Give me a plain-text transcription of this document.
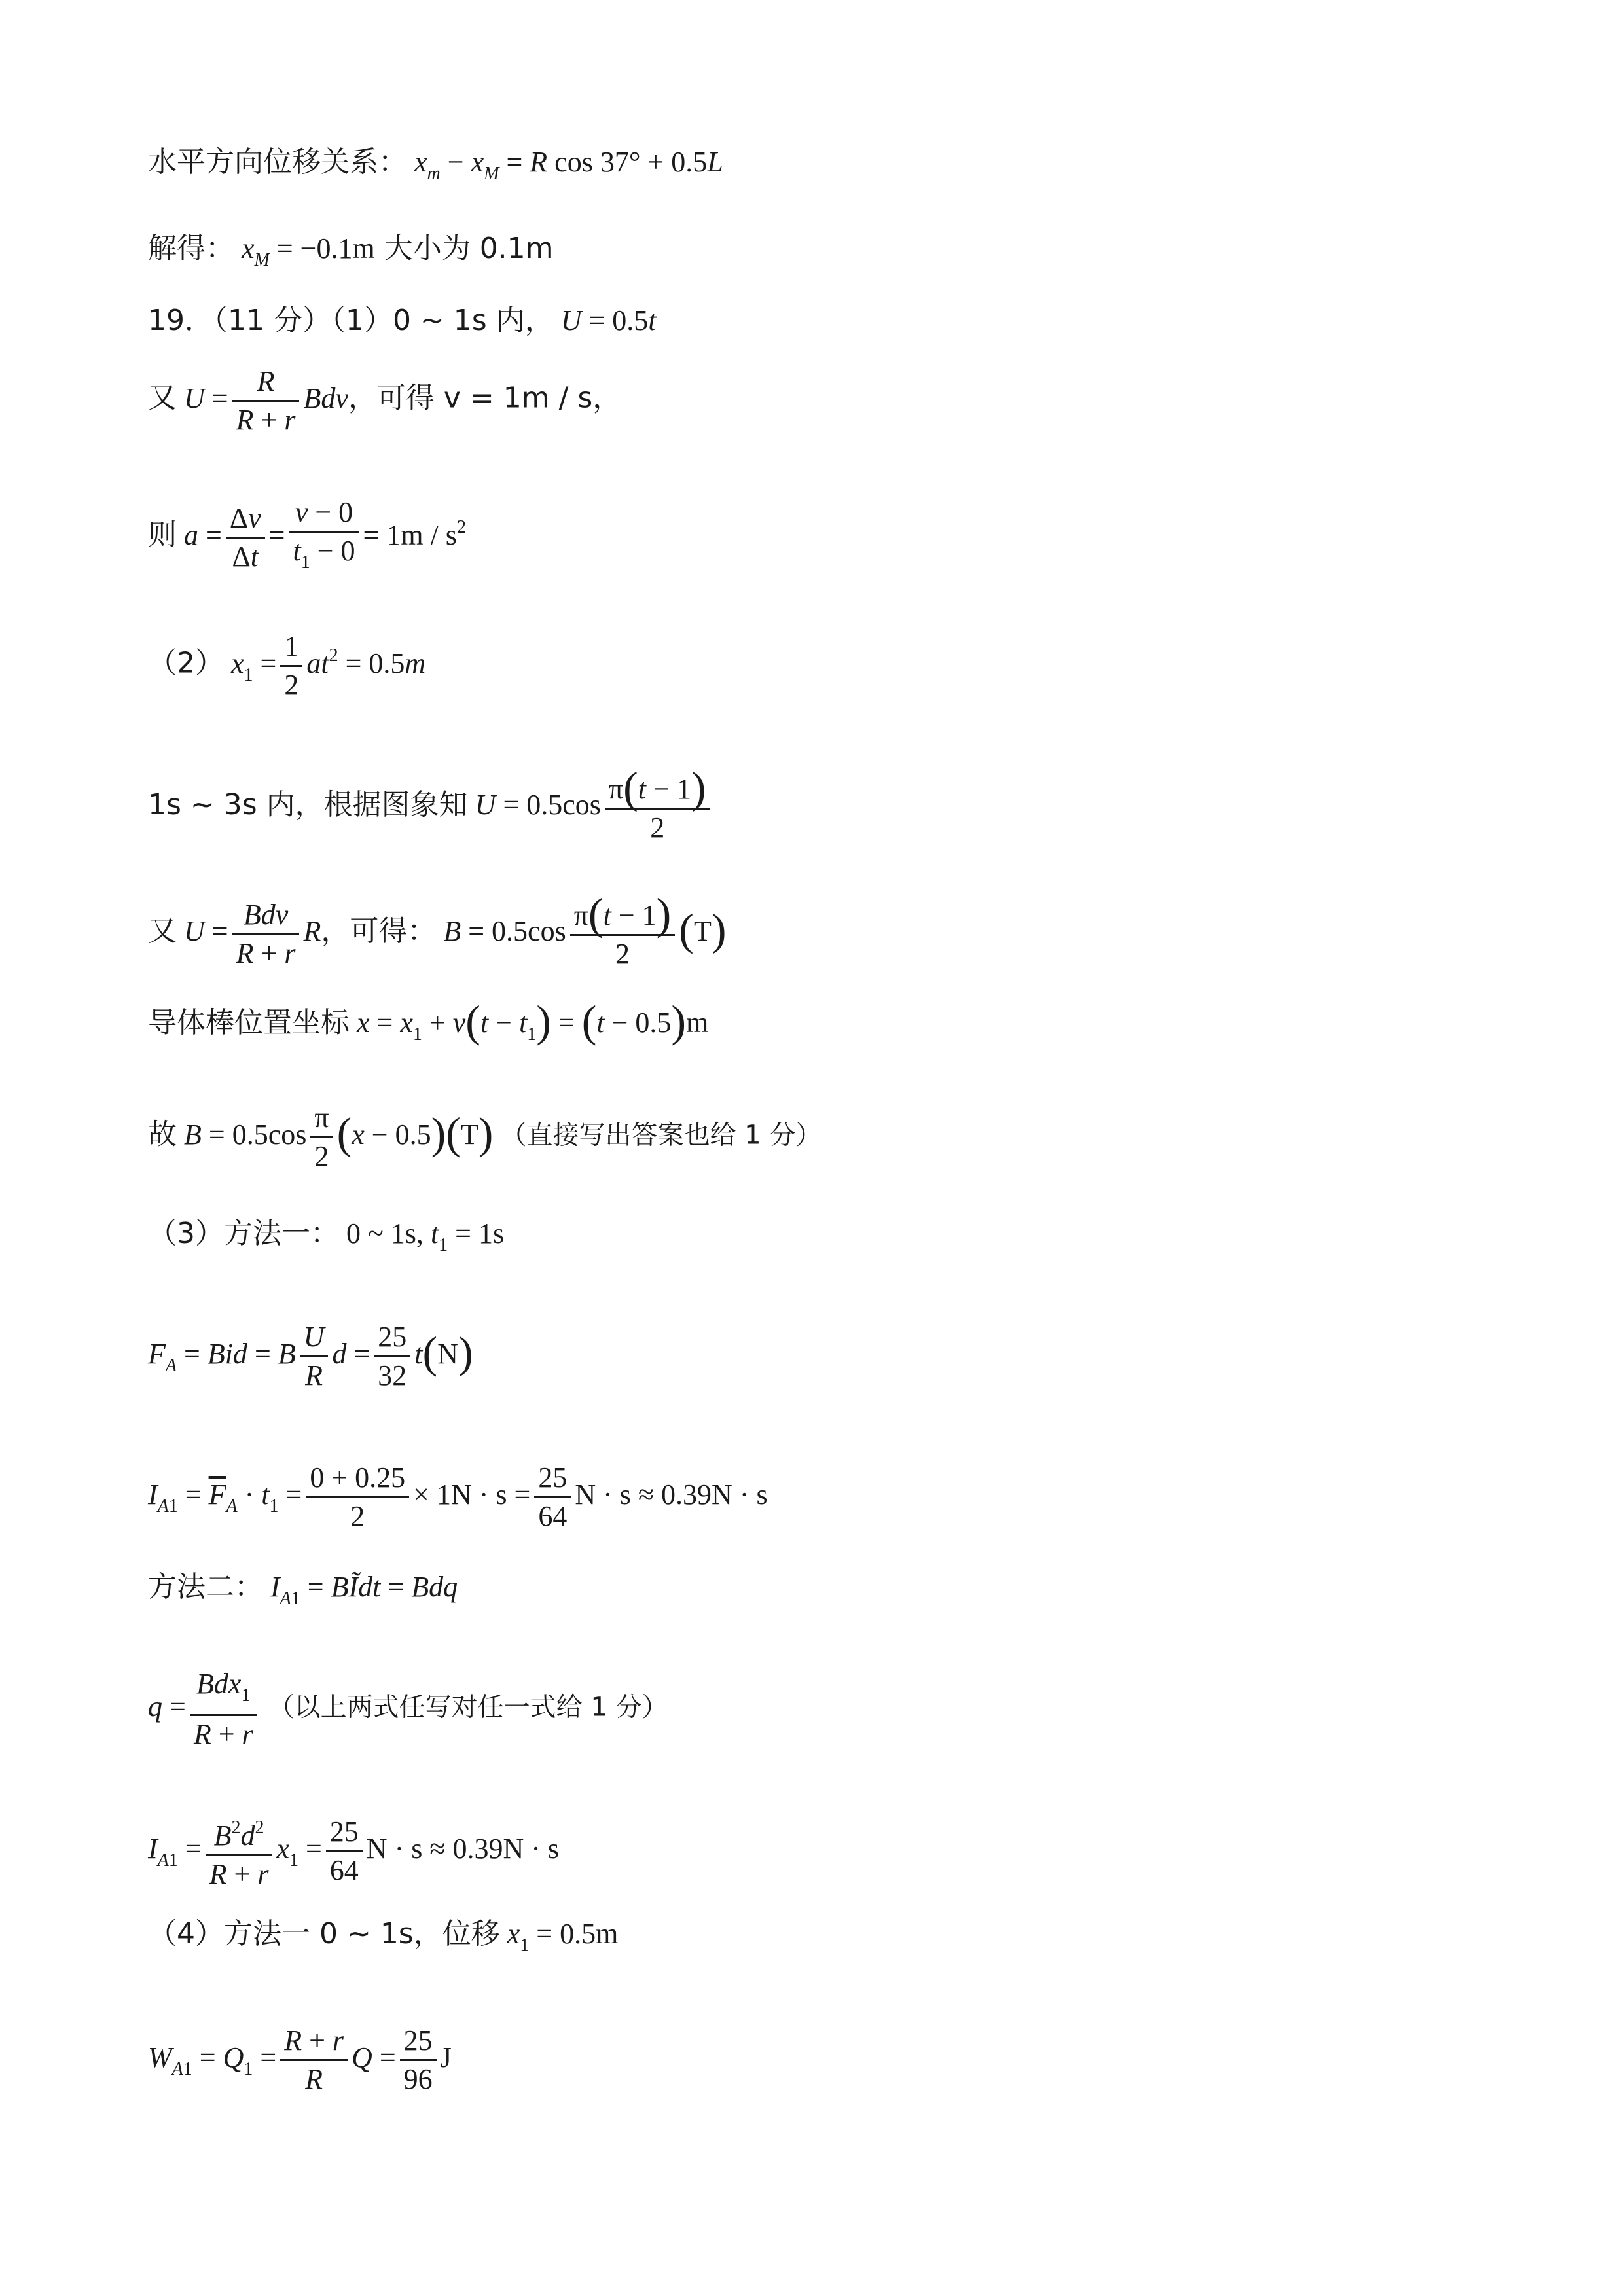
水平方向位移关系： $x_m - x_M = R$ cos 37° + 0.5L
解得： $x_M = -0.1m$ 大小为 0.1m
19．（11 分）（1）0 ~ 1s 内， U = 0.5t
又 $U = \frac{R}{R + r}$ Bdv，可得 v = 1m / s，
则 $a = \frac{\Delta v}{\Delta t} = \frac{v - 0}{t_1 - 0} = 1m / s^2$
（2） $x_1 = \frac{1}{2} at^2 = 0.5m$
1s ~ 3s 内，根据图象知 $U = 0.5\cos \frac{\pi(t - 1)}{2}$
又 $U = \frac{\text{Bdv}}{R + r}$ R，可得： $B = 0.5\cos \frac{\pi(t - 1)}{2} (T)$
导体棒位置坐标 $x = x_1 + v(t - t_1) = (t - 0.5)m$
故 $B = 0.5\cos \frac{\pi}{2} (x - 0.5)(T)$ （直接写出答案也给 1 分）
（3）方法一： 0 ~ 1s, $t_1 = 1s$
$F_A$ = Bid = B $\frac{U}{R}$ $d = \frac{25}{32} t(N)$
$I_{A1} = \overline{F}_A \cdot t_1 = \frac{0 + 0.25}{2} \times 1N \cdot s = \frac{25}{64}$ N · s ≈ 0.39N · s
方法二： $I_{A1}$ = BĨdt = Bdq
$q = \frac{Bdx_1}{R + r}$ （以上两式任写对任一式给 1 分）
$I_{A1} = \frac{B^2d^2}{R + r} x_1 = \frac{25}{64}$ N · s ≈ 0.39N · s
（4）方法一 0 ~ 1s，位移 $x_1 = 0.5m$
$W_{A1} = Q_1 = \frac{R + r}{R}$ $Q = \frac{25}{96}$ J
